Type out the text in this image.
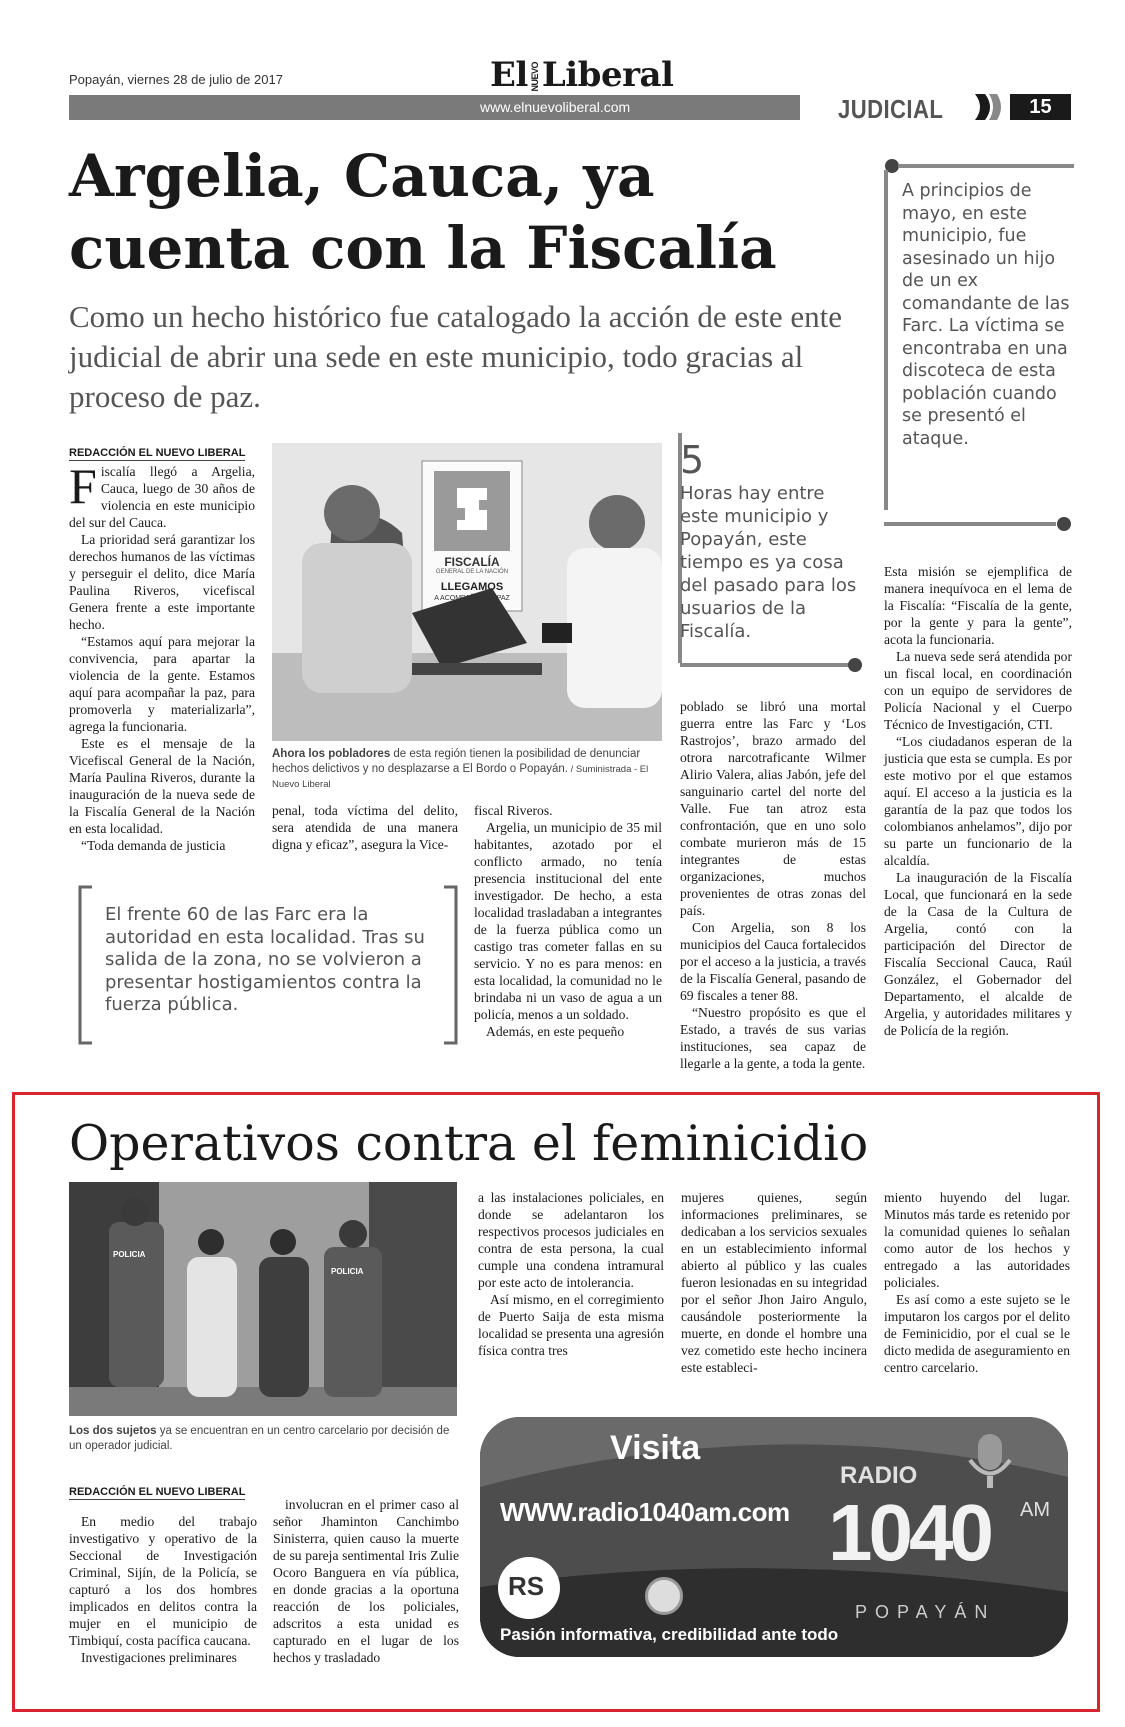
Popayán, viernes 28 de julio de 2017	El NUEVOLiberal
www.elnuevoliberal.com	JUDICIAL	15
Argelia, Cauca, ya
cuenta con la Fiscalía
Como un hecho histórico fue catalogado la acción de este ente judicial de abrir una sede en este municipio, todo gracias al proceso de paz.
REDACCIÓN EL NUEVO LIBERAL
F iscalía llegó a Argelia, Cauca, luego de 30 años de violencia en este municipio del sur del Cauca.

La prioridad será garantizar los derechos humanos de las víctimas y perseguir el delito, dice María Paulina Riveros, vicefiscal Genera frente a este importante hecho.

“Estamos aquí para mejorar la convivencia, para apartar la violencia de la gente. Estamos aquí para acompañar la paz, para promoverla y materializarla”, agrega la funcionaria.

Este es el mensaje de la Vicefiscal General de la Nación, María Paulina Riveros, durante la inauguración de la nueva sede de la Fiscalía General de la Nación en esta localidad.

“Toda demanda de justicia

FISCALÍA
GENERAL DE LA NACIÓN
LLEGAMOS
A ACOMPAÑAR LA PAZ
Ahora los pobladores de esta región tienen la posibilidad de denunciar hechos delictivos y no desplazarse a El Bordo o Popayán. / Suministrada - El Nuevo Liberal

penal, toda víctima del delito, sera atendida de una manera digna y eficaz”, asegura la Vice-

fiscal Riveros.

Argelia, un municipio de 35 mil habitantes, azotado por el conflicto armado, no tenía presencia institucional del ente investigador. De hecho, a esta localidad trasladaban a integrantes de la fuerza pública como un castigo tras cometer fallas en su servicio. Y no es para menos: en esta localidad, la comunidad no le brindaba ni un vaso de agua a un policía, menos a un soldado.

Además, en este pequeño

5
Horas hay entre este municipio y Popayán, este tiempo es ya cosa del pasado para los usuarios de la Fiscalía.

poblado se libró una mortal guerra entre las Farc y ‘Los Rastrojos’, brazo armado del otrora narcotraficante Wilmer Alirio Valera, alias Jabón, jefe del sanguinario cartel del norte del Valle. Fue tan atroz esta confrontación, que en uno solo combate murieron más de 15 integrantes de estas organizaciones, muchos provenientes de otras zonas del país.

Con Argelia, son 8 los municipios del Cauca fortalecidos por el acceso a la justicia, a través de la Fiscalía General, pasando de 69 fiscales a tener 88.

“Nuestro propósito es que el Estado, a través de sus varias instituciones, sea capaz de llegarle a la gente, a toda la gente.

A principios de mayo, en este municipio, fue asesinado un hijo de un ex comandante de las Farc. La víctima se encontraba en una discoteca de esta población cuando se presentó el ataque.

Esta misión se ejemplifica de manera inequívoca en el lema de la Fiscalía: “Fiscalía de la gente, por la gente y para la gente”, acota la funcionaria.

La nueva sede será atendida por un fiscal local, en coordinación con un equipo de servidores de Policía Nacional y el Cuerpo Técnico de Investigación, CTI.

“Los ciudadanos esperan de la justicia que esta se cumpla. Es por este motivo por el que estamos aquí. El acceso a la justicia es la garantía de la paz que todos los colombianos anhelamos”, dijo por su parte un funcionario de la alcaldía.

La inauguración de la Fiscalía Local, que funcionará en la sede de la Casa de la Cultura de Argelia, contó con la participación del Director de Fiscalía Seccional Cauca, Raúl González, el Gobernador del Departamento, el alcalde de Argelia, y autoridades militares y de Policía de la región.

El frente 60 de las Farc era la autoridad en esta localidad. Tras su salida de la zona, no se volvieron a presentar hostigamientos contra la fuerza pública.
Operativos contra el feminicidio
POLICIA
POLICIA
Los dos sujetos ya se encuentran en un centro carcelario por decisión de un operador judicial.
REDACCIÓN EL NUEVO LIBERAL

En medio del trabajo investigativo y operativo de la Seccional de Investigación Criminal, Sijín, de la Policía, se capturó a los dos hombres implicados en delitos contra la mujer en el municipio de Timbiquí, costa pacífica caucana.

Investigaciones preliminares

involucran en el primer caso al señor Jhaminton Canchimbo Sinisterra, quien causo la muerte de su pareja sentimental Iris Zulie Ocoro Banguera en vía pública, en donde gracias a la oportuna reacción de los policiales, adscritos a esta unidad es capturado en el lugar de los hechos y trasladado

a las instalaciones policiales, en donde se adelantaron los respectivos procesos judiciales en contra de esta persona, la cual cumple una condena intramural por este acto de intolerancia.

Así mismo, en el corregimiento de Puerto Saija de esta misma localidad se presenta una agresión física contra tres

mujeres quienes, según informaciones preliminares, se dedicaban a los servicios sexuales en un establecimiento informal abierto al público y las cuales fueron lesionadas en su integridad por el señor Jhon Jairo Angulo, causándole posteriormente la muerte, en donde el hombre una vez cometido este hecho incinera este estableci-

miento huyendo del lugar. Minutos más tarde es retenido por la comunidad quienes lo señalan como autor de los hechos y entregado a las autoridades policiales.

Es así como a este sujeto se le imputaron los cargos por el delito de Feminicidio, por el cual se le dicto medida de aseguramiento en centro carcelario.

Visita
WWW.radio1040am.com
RADIO
1040 AM
POPAYÁN
RS
Pasión informativa, credibilidad ante todo
